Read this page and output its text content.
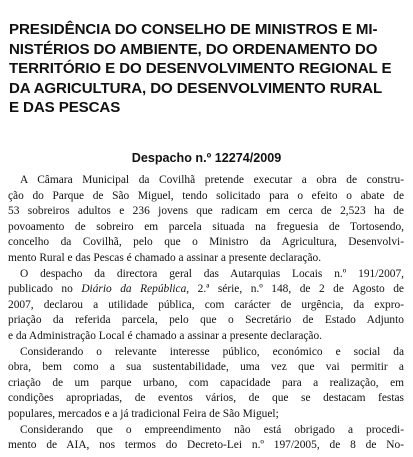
PRESIDÊNCIA DO CONSELHO DE MINISTROS E MI-
NISTÉRIOS DO AMBIENTE, DO ORDENAMENTO DO
TERRITÓRIO E DO DESENVOLVIMENTO REGIONAL E
DA AGRICULTURA, DO DESENVOLVIMENTO RURAL
E DAS PESCAS
Despacho n.º 12274/2009
A Câmara Municipal da Covilhã pretende executar a obra de constru-
ção do Parque de São Miguel, tendo solicitado para o efeito o abate de
53 sobreiros adultos e 236 jovens que radicam em cerca de 2,523 ha de
povoamento de sobreiro em parcela situada na freguesia de Tortosendo,
concelho da Covilhã, pelo que o Ministro da Agricultura, Desenvolvi-
mento Rural e das Pescas é chamado a assinar a presente declaração.
O despacho da directora geral das Autarquias Locais n.º 191/2007,
publicado no Diário da República, 2.ª série, n.º 148, de 2 de Agosto de
2007, declarou a utilidade pública, com carácter de urgência, da expro-
priação da referida parcela, pelo que o Secretário de Estado Adjunto
e da Administração Local é chamado a assinar a presente declaração.
Considerando o relevante interesse público, económico e social da
obra, bem como a sua sustentabilidade, uma vez que vai permitir a
criação de um parque urbano, com capacidade para a realização, em
condições apropriadas, de eventos vários, de que se destacam festas
populares, mercados e a já tradicional Feira de São Miguel;
Considerando que o empreendimento não está obrigado a procedi-
mento de AIA, nos termos do Decreto-Lei n.º 197/2005, de 8 de No-
